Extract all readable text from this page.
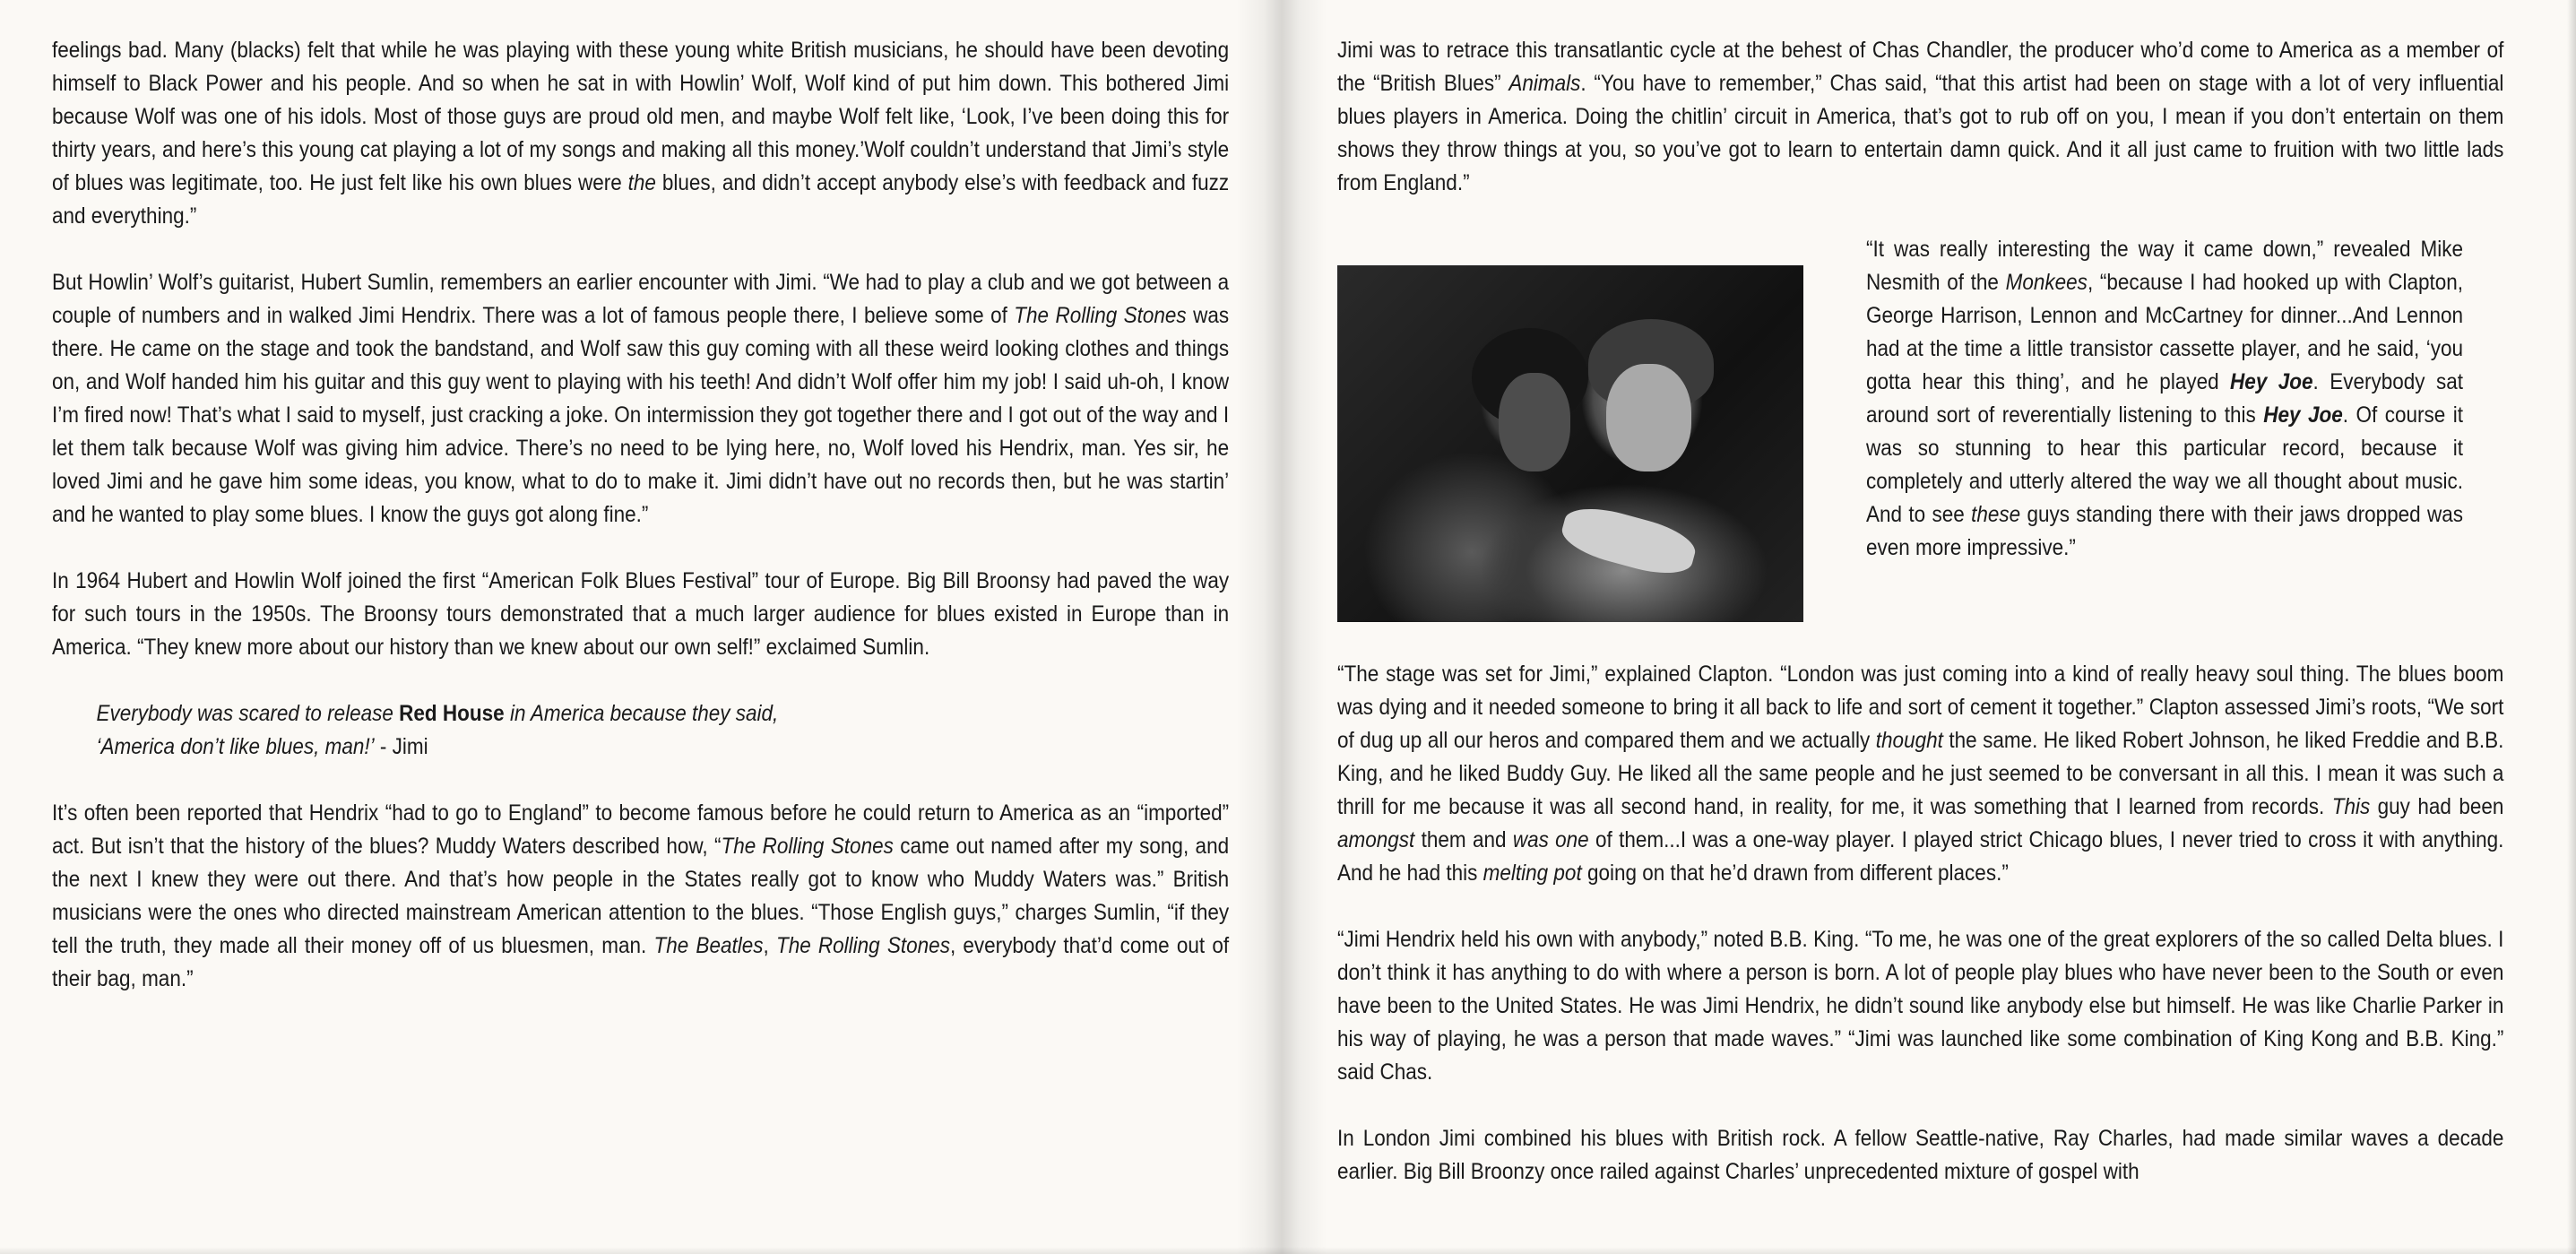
feelings bad. Many (blacks) felt that while he was playing with these young white British musicians, he should have been devoting himself to Black Power and his people. And so when he sat in with Howlin’ Wolf, Wolf kind of put him down. This bothered Jimi because Wolf was one of his idols. Most of those guys are proud old men, and maybe Wolf felt like, ‘Look, I’ve been doing this for thirty years, and here’s this young cat playing a lot of my songs and making all this money.’Wolf couldn’t understand that Jimi’s style of blues was legitimate, too. He just felt like his own blues were the blues, and didn’t accept anybody else’s with feedback and fuzz and everything.”

But Howlin’ Wolf’s guitarist, Hubert Sumlin, remembers an earlier encounter with Jimi. “We had to play a club and we got between a couple of numbers and in walked Jimi Hendrix. There was a lot of famous people there, I believe some of The Rolling Stones was there. He came on the stage and took the bandstand, and Wolf saw this guy coming with all these weird looking clothes and things on, and Wolf handed him his guitar and this guy went to playing with his teeth! And didn’t Wolf offer him my job! I said uh-oh, I know I’m fired now! That’s what I said to myself, just cracking a joke. On intermission they got together there and I got out of the way and I let them talk because Wolf was giving him advice. There’s no need to be lying here, no, Wolf loved his Hendrix, man. Yes sir, he loved Jimi and he gave him some ideas, you know, what to do to make it. Jimi didn’t have out no records then, but he was startin’ and he wanted to play some blues. I know the guys got along fine.”

In 1964 Hubert and Howlin Wolf joined the first “American Folk Blues Festival” tour of Europe. Big Bill Broonsy had paved the way for such tours in the 1950s. The Broonsy tours demonstrated that a much larger audience for blues existed in Europe than in America. “They knew more about our history than we knew about our own self!” exclaimed Sumlin.

Everybody was scared to release Red House in America because they said,
‘America don’t like blues, man!’ - Jimi

It’s often been reported that Hendrix “had to go to England” to become famous before he could return to America as an “imported” act. But isn’t that the history of the blues? Muddy Waters described how, “The Rolling Stones came out named after my song, and the next I knew they were out there. And that’s how people in the States really got to know who Muddy Waters was.” British musicians were the ones who directed mainstream American attention to the blues. “Those English guys,” charges Sumlin, “if they tell the truth, they made all their money off of us bluesmen, man. The Beatles, The Rolling Stones, everybody that’d come out of their bag, man.”

Jimi was to retrace this transatlantic cycle at the behest of Chas Chandler, the producer who’d come to America as a member of the “British Blues” Animals. “You have to remember,” Chas said, “that this artist had been on stage with a lot of very influential blues players in America. Doing the chitlin’ circuit in America, that’s got to rub off on you, I mean if you don’t entertain on them shows they throw things at you, so you’ve got to learn to entertain damn quick. And it all just came to fruition with two little lads from England.”

“It was really interesting the way it came down,” revealed Mike Nesmith of the Monkees, “because I had hooked up with Clapton, George Harrison, Lennon and McCartney for dinner...And Lennon had at the time a little transistor cassette player, and he said, ‘you gotta hear this thing’, and he played Hey Joe. Everybody sat around sort of reverentially listening to this Hey Joe. Of course it was so stunning to hear this particular record, because it completely and utterly altered the way we all thought about music. And to see these guys standing there with their jaws dropped was even more impressive.”

“The stage was set for Jimi,” explained Clapton. “London was just coming into a kind of really heavy soul thing. The blues boom was dying and it needed someone to bring it all back to life and sort of cement it together.” Clapton assessed Jimi’s roots, “We sort of dug up all our heros and compared them and we actually thought the same. He liked Robert Johnson, he liked Freddie and B.B. King, and he liked Buddy Guy. He liked all the same people and he just seemed to be conversant in all this. I mean it was such a thrill for me because it was all second hand, in reality, for me, it was something that I learned from records. This guy had been amongst them and was one of them...I was a one-way player. I played strict Chicago blues, I never tried to cross it with anything. And he had this melting pot going on that he’d drawn from different places.”

“Jimi Hendrix held his own with anybody,” noted B.B. King. “To me, he was one of the great explorers of the so called Delta blues. I don’t think it has anything to do with where a person is born. A lot of people play blues who have never been to the South or even have been to the United States. He was Jimi Hendrix, he didn’t sound like anybody else but himself. He was like Charlie Parker in his way of playing, he was a person that made waves.” “Jimi was launched like some combination of King Kong and B.B. King.” said Chas.

In London Jimi combined his blues with British rock. A fellow Seattle-native, Ray Charles, had made similar waves a decade earlier. Big Bill Broonzy once railed against Charles’ unprecedented mixture of gospel with
